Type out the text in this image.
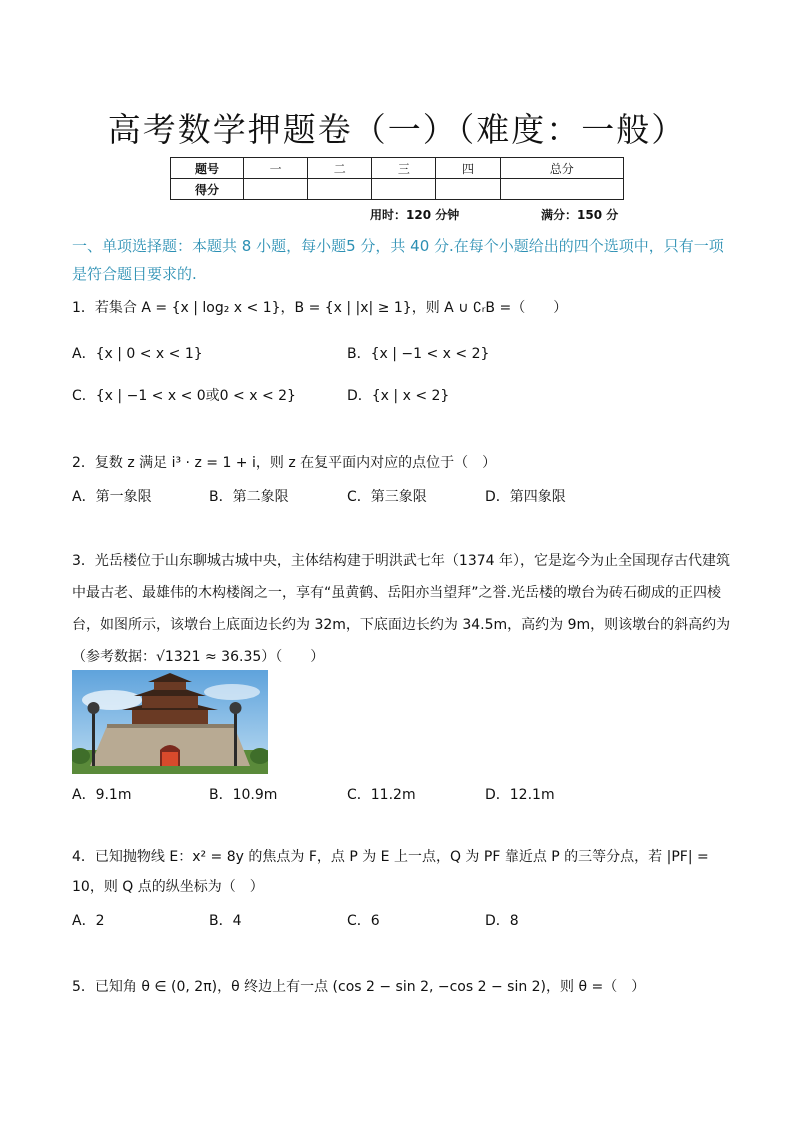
高考数学押题卷（一）（难度：一般）
题号	一	二	三	四	总分
得分					
用时：120 分钟	满分：150 分
一、单项选择题：本题共 8 小题，每小题5 分，共 40 分.在每个小题给出的四个选项中，只有一项是符合题目要求的.
1．若集合 A = {x | log₂ x < 1}，B = {x | |x| ≥ 1}，则 A ∪ ∁ᵣB =（　　）
A．{x | 0 < x < 1}	B．{x | −1 < x < 2}
C．{x | −1 < x < 0或0 < x < 2}	D．{x | x < 2}
2．复数 z 满足 i³ · z = 1 + i，则 z 在复平面内对应的点位于（　）
A．第一象限	B．第二象限	C．第三象限	D．第四象限
3．光岳楼位于山东聊城古城中央，主体结构建于明洪武七年（1374 年），它是迄今为止全国现存古代建筑中最古老、最雄伟的木构楼阁之一，享有“虽黄鹤、岳阳亦当望拜”之誉.光岳楼的墩台为砖石砌成的正四棱台，如图所示，该墩台上底面边长约为 32m，下底面边长约为 34.5m，高约为 9m，则该墩台的斜高约为（参考数据：√1321 ≈ 36.35）（　　）
A．9.1m	B．10.9m	C．11.2m	D．12.1m
4．已知抛物线 E：x² = 8y 的焦点为 F，点 P 为 E 上一点，Q 为 PF 靠近点 P 的三等分点，若 |PF| = 10，则 Q 点的纵坐标为（　）
A．2	B．4	C．6	D．8
5．已知角 θ ∈ (0, 2π)，θ 终边上有一点 (cos 2 − sin 2, −cos 2 − sin 2)，则 θ =（　）
